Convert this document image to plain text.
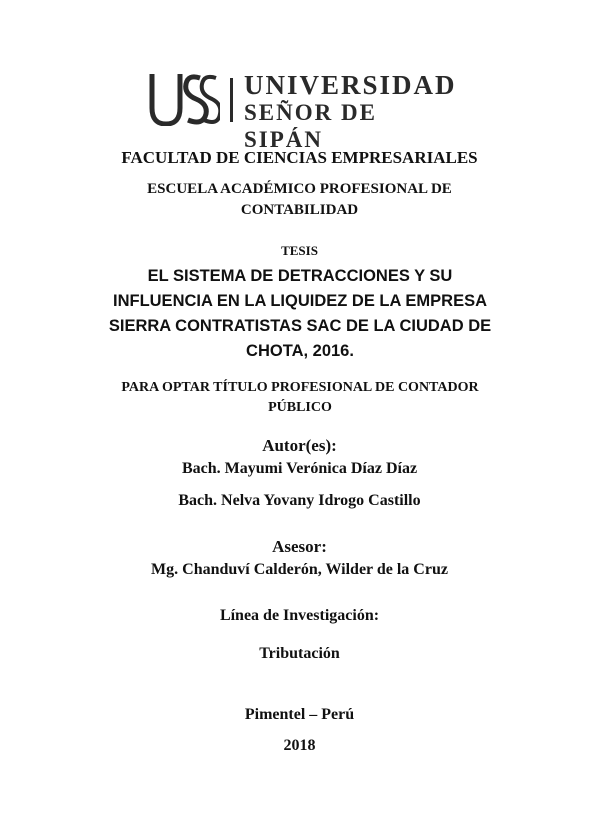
UNIVERSIDAD
SEÑOR DE SIPÁN
FACULTAD DE CIENCIAS EMPRESARIALES
ESCUELA ACADÉMICO PROFESIONAL DE
CONTABILIDAD
TESIS
EL SISTEMA DE DETRACCIONES Y SU
INFLUENCIA EN LA LIQUIDEZ DE LA EMPRESA
SIERRA CONTRATISTAS SAC DE LA CIUDAD DE
CHOTA, 2016.
PARA OPTAR TÍTULO PROFESIONAL DE CONTADOR
PÚBLICO
Autor(es):
Bach. Mayumi Verónica Díaz Díaz
Bach. Nelva Yovany Idrogo Castillo
Asesor:
Mg. Chanduví Calderón, Wilder de la Cruz
Línea de Investigación:
Tributación
Pimentel – Perú
2018
